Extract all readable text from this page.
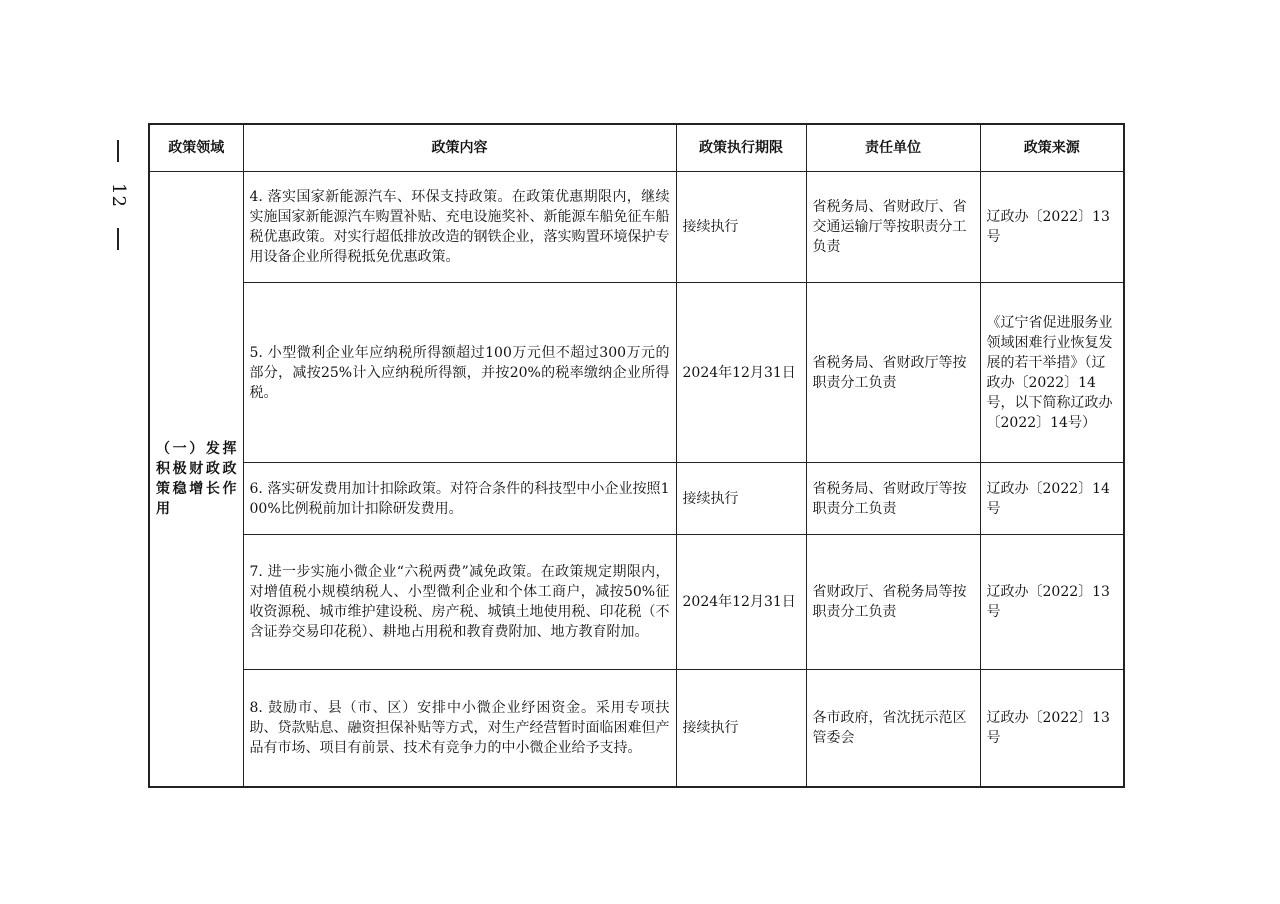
12
政策领域	政策内容	政策执行期限	责任单位	政策来源
（一）发挥积极财政政策稳增长作用	4. 落实国家新能源汽车、环保支持政策。在政策优惠期限内，继续实施国家新能源汽车购置补贴、充电设施奖补、新能源车船免征车船税优惠政策。对实行超低排放改造的钢铁企业，落实购置环境保护专用设备企业所得税抵免优惠政策。	接续执行	省税务局、省财政厅、省交通运输厅等按职责分工负责	辽政办〔2022〕13号
	5. 小型微利企业年应纳税所得额超过100万元但不超过300万元的部分，减按25%计入应纳税所得额，并按20%的税率缴纳企业所得税。	2024年12月31日	省税务局、省财政厅等按职责分工负责	《辽宁省促进服务业领域困难行业恢复发展的若干举措》（辽政办〔2022〕14号，以下简称辽政办〔2022〕14号）
	6. 落实研发费用加计扣除政策。对符合条件的科技型中小企业按照100%比例税前加计扣除研发费用。	接续执行	省税务局、省财政厅等按职责分工负责	辽政办〔2022〕14号
	7. 进一步实施小微企业“六税两费”减免政策。在政策规定期限内，对增值税小规模纳税人、小型微利企业和个体工商户，减按50%征收资源税、城市维护建设税、房产税、城镇土地使用税、印花税（不含证券交易印花税）、耕地占用税和教育费附加、地方教育附加。	2024年12月31日	省财政厅、省税务局等按职责分工负责	辽政办〔2022〕13号
	8. 鼓励市、县（市、区）安排中小微企业纾困资金。采用专项扶助、贷款贴息、融资担保补贴等方式，对生产经营暂时面临困难但产品有市场、项目有前景、技术有竞争力的中小微企业给予支持。	接续执行	各市政府，省沈抚示范区管委会	辽政办〔2022〕13号
